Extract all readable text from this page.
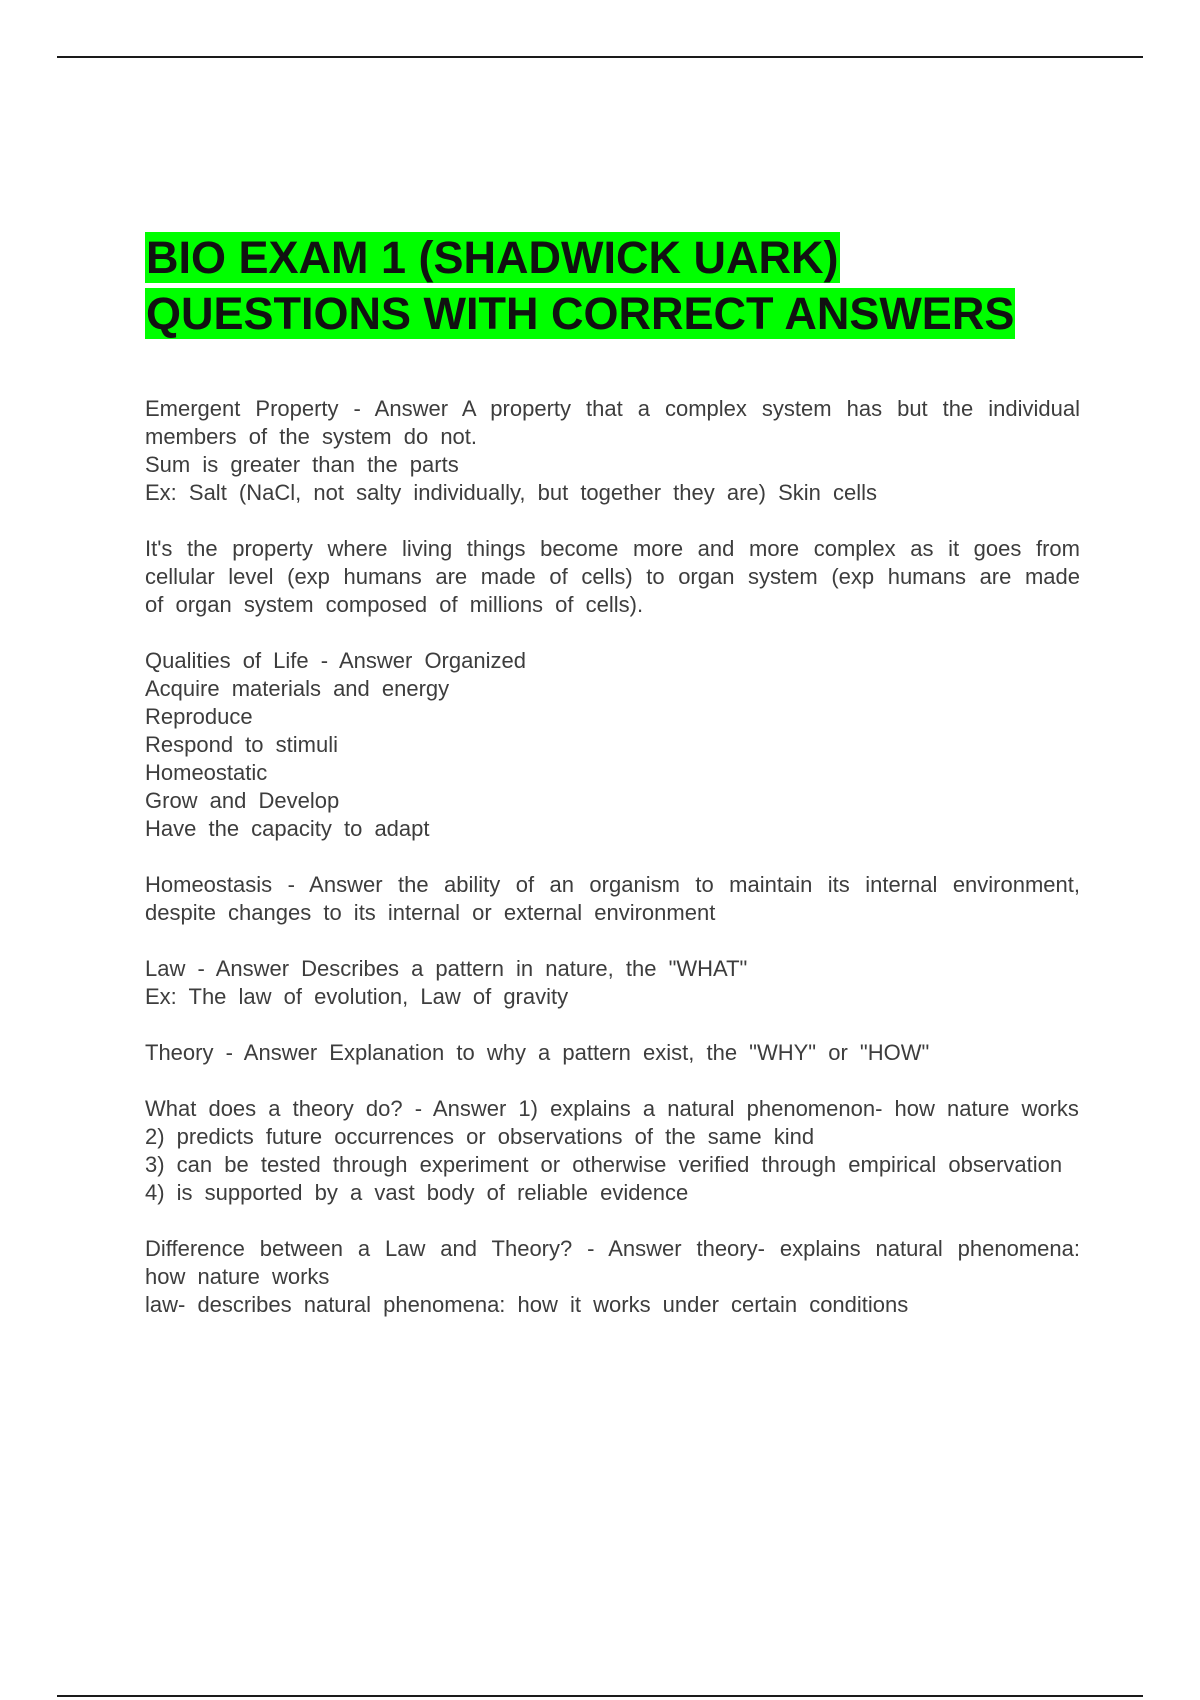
BIO EXAM 1 (SHADWICK UARK)
QUESTIONS WITH CORRECT ANSWERS
Emergent Property - Answer A property that a complex system has but the individual members of the system do not.
Sum is greater than the parts
Ex: Salt (NaCl, not salty individually, but together they are) Skin cells
It's the property where living things become more and more complex as it goes from cellular level (exp humans are made of cells) to organ system (exp humans are made of organ system composed of millions of cells).
Qualities of Life - Answer Organized
Acquire materials and energy
Reproduce
Respond to stimuli
Homeostatic
Grow and Develop
Have the capacity to adapt
Homeostasis - Answer the ability of an organism to maintain its internal environment, despite changes to its internal or external environment
Law - Answer Describes a pattern in nature, the "WHAT"
Ex: The law of evolution, Law of gravity
Theory - Answer Explanation to why a pattern exist, the "WHY" or "HOW"
What does a theory do? - Answer 1) explains a natural phenomenon- how nature works
2) predicts future occurrences or observations of the same kind
3) can be tested through experiment or otherwise verified through empirical observation
4) is supported by a vast body of reliable evidence
Difference between a Law and Theory? - Answer theory- explains natural phenomena: how nature works
law- describes natural phenomena: how it works under certain conditions
